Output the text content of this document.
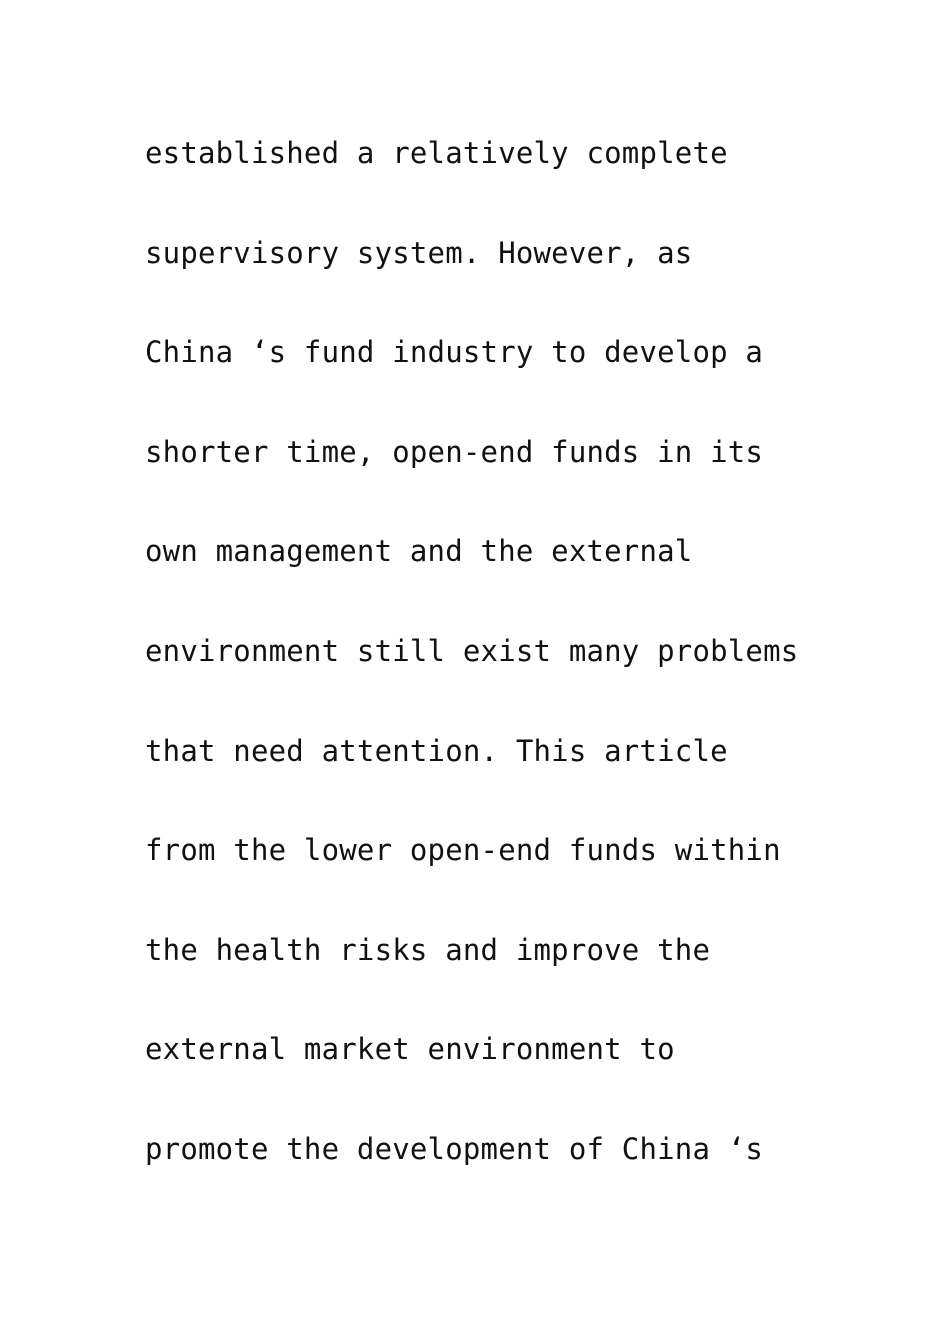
established a relatively complete
supervisory system. However, as
China ‘s fund industry to develop a
shorter time, open-end funds in its
own management and the external
environment still exist many problems
that need attention. This article
from the lower open-end funds within
the health risks and improve the
external market environment to
promote the development of China ‘s
